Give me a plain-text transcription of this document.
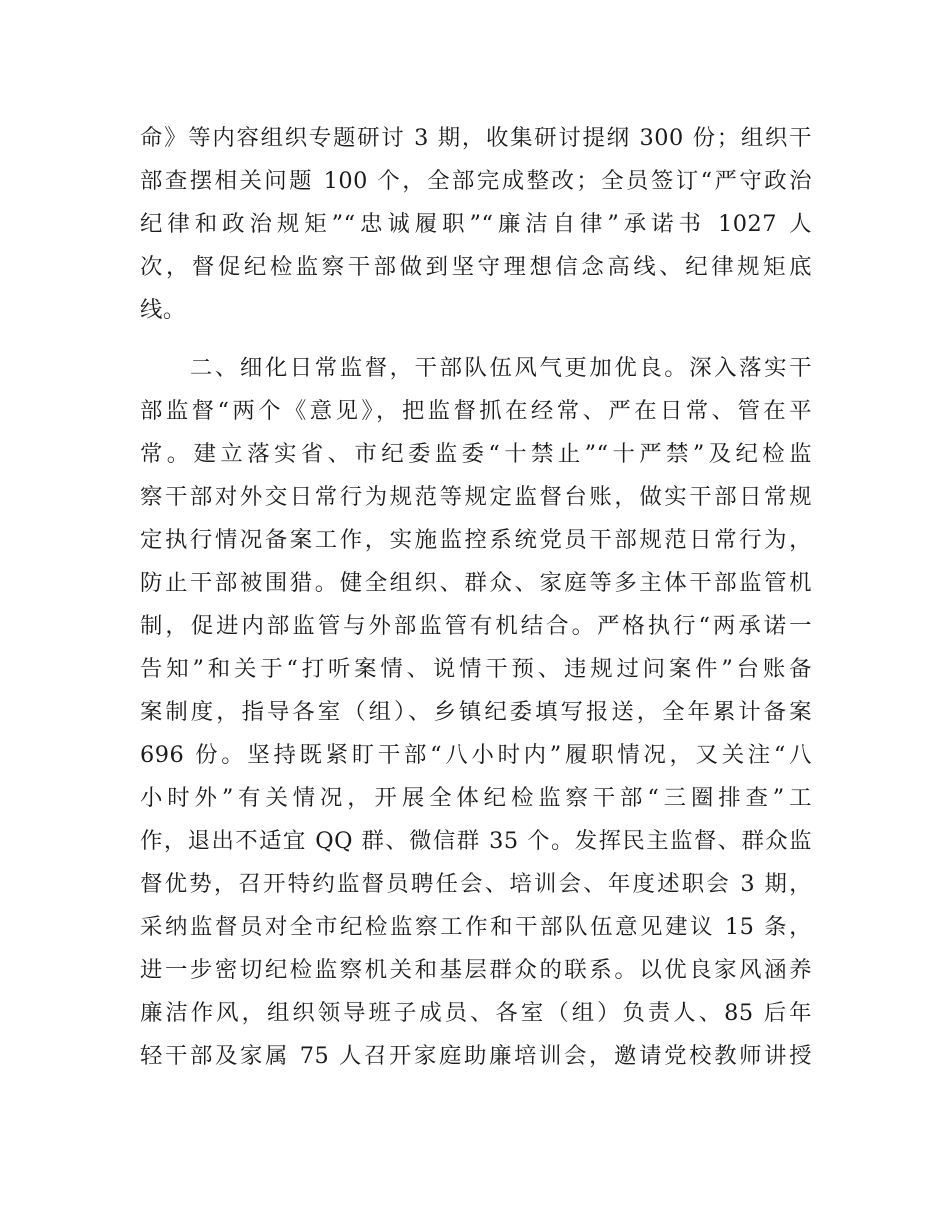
命》等内容组织专题研讨 3 期，收集研讨提纲 300 份；组织干
部查摆相关问题 100 个，全部完成整改；全员签订“严守政治
纪律和政治规矩”“忠诚履职”“廉洁自律”承诺书 1027 人
次，督促纪检监察干部做到坚守理想信念高线、纪律规矩底
线。
　　二、细化日常监督，干部队伍风气更加优良。深入落实干
部监督“两个《意见》，把监督抓在经常、严在日常、管在平
常。建立落实省、市纪委监委“十禁止”“十严禁”及纪检监
察干部对外交日常行为规范等规定监督台账，做实干部日常规
定执行情况备案工作，实施监控系统党员干部规范日常行为，
防止干部被围猎。健全组织、群众、家庭等多主体干部监管机
制，促进内部监管与外部监管有机结合。严格执行“两承诺一
告知”和关于“打听案情、说情干预、违规过问案件”台账备
案制度，指导各室（组）、乡镇纪委填写报送，全年累计备案
696 份。坚持既紧盯干部“八小时内”履职情况，又关注“八
小时外”有关情况，开展全体纪检监察干部“三圈排查”工
作，退出不适宜 QQ 群、微信群 35 个。发挥民主监督、群众监
督优势，召开特约监督员聘任会、培训会、年度述职会 3 期，
采纳监督员对全市纪检监察工作和干部队伍意见建议 15 条，
进一步密切纪检监察机关和基层群众的联系。以优良家风涵养
廉洁作风，组织领导班子成员、各室（组）负责人、85 后年
轻干部及家属 75 人召开家庭助廉培训会，邀请党校教师讲授
